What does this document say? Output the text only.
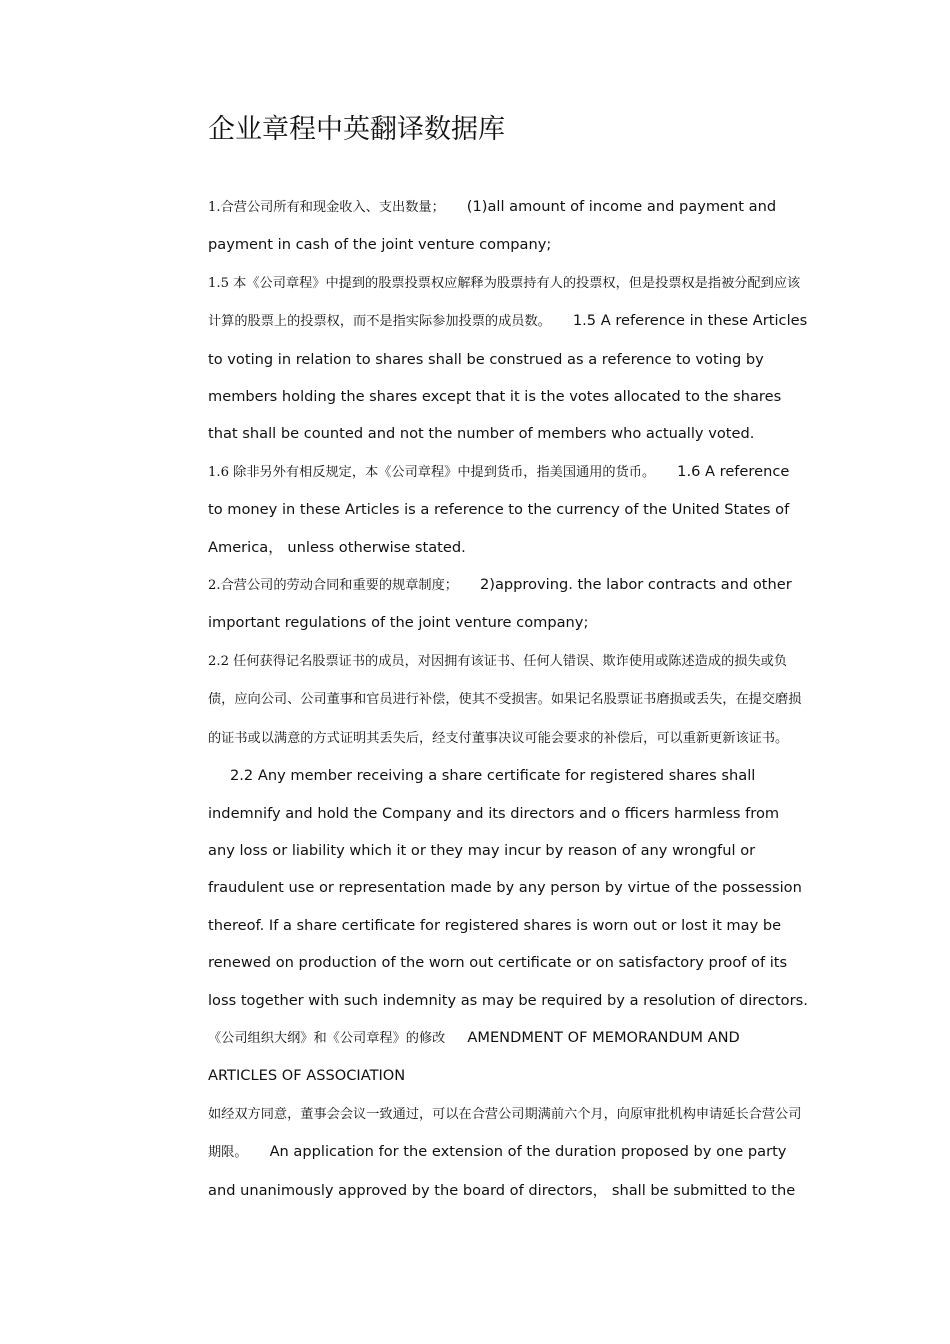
企业章程中英翻译数据库

1.合营公司所有和现金收入、支出数量； (1)all amount of income and payment and payment in cash of the joint venture company;

1.5 本《公司章程》中提到的股票投票权应解释为股票持有人的投票权，但是投票权是指被分配到应该计算的股票上的投票权，而不是指实际参加投票的成员数。 1.5 A reference in these Articles to voting in relation to shares shall be construed as a reference to voting by members holding the shares except that it is the votes allocated to the shares that shall be counted and not the number of members who actually voted.

1.6 除非另外有相反规定，本《公司章程》中提到货币，指美国通用的货币。 1.6 A reference to money in these Articles is a reference to the currency of the United States of America， unless otherwise stated.

2.合营公司的劳动合同和重要的规章制度； 2)approving. the labor contracts and other important regulations of the joint venture company;

2.2 任何获得记名股票证书的成员，对因拥有该证书、任何人错误、欺诈使用或陈述造成的损失或负债，应向公司、公司董事和官员进行补偿，使其不受损害。如果记名股票证书磨损或丢失，在提交磨损的证书或以满意的方式证明其丢失后，经支付董事决议可能会要求的补偿后，可以重新更新该证书。2.2 Any member receiving a share certificate for registered shares shall indemnify and hold the Company and its directors and o fficers harmless from any loss or liability which it or they may incur by reason of any wrongful or fraudulent use or representation made by any person by virtue of the possession thereof. If a share certificate for registered shares is worn out or lost it may be renewed on production of the worn out certificate or on satisfactory proof of its loss together with such indemnity as may be required by a resolution of directors.

《公司组织大纲》和《公司章程》的修改 AMENDMENT OF MEMORANDUM AND ARTICLES OF ASSOCIATION

如经双方同意，董事会会议一致通过，可以在合营公司期满前六个月，向原审批机构申请延长合营公司期限。 An application for the extension of the duration proposed by one party and unanimously approved by the board of directors， shall be submitted to the
